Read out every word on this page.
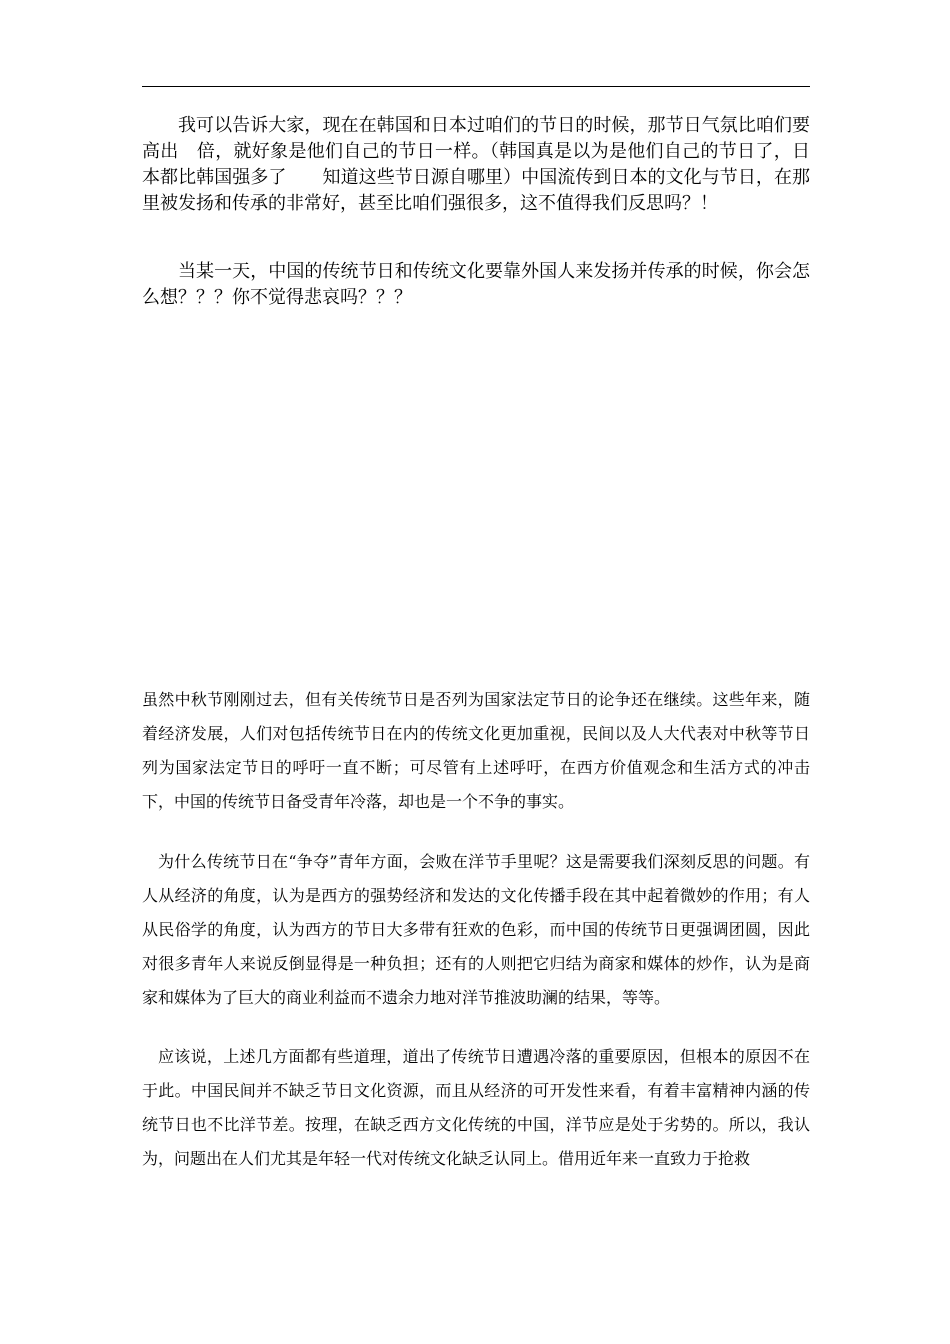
我可以告诉大家，现在在韩国和日本过咱们的节日的时候，那节日气氛比咱们要高出　倍，就好象是他们自己的节日一样。（韩国真是以为是他们自己的节日了，日本都比韩国强多了　　知道这些节日源自哪里）中国流传到日本的文化与节日，在那里被发扬和传承的非常好，甚至比咱们强很多，这不值得我们反思吗？！

当某一天，中国的传统节日和传统文化要靠外国人来发扬并传承的时候，你会怎么想？？？你不觉得悲哀吗？？？

虽然中秋节刚刚过去，但有关传统节日是否列为国家法定节日的论争还在继续。这些年来，随着经济发展，人们对包括传统节日在内的传统文化更加重视，民间以及人大代表对中秋等节日列为国家法定节日的呼吁一直不断；可尽管有上述呼吁，在西方价值观念和生活方式的冲击下，中国的传统节日备受青年冷落，却也是一个不争的事实。

为什么传统节日在“争夺”青年方面，会败在洋节手里呢？这是需要我们深刻反思的问题。有人从经济的角度，认为是西方的强势经济和发达的文化传播手段在其中起着微妙的作用；有人从民俗学的角度，认为西方的节日大多带有狂欢的色彩，而中国的传统节日更强调团圆，因此对很多青年人来说反倒显得是一种负担；还有的人则把它归结为商家和媒体的炒作，认为是商家和媒体为了巨大的商业利益而不遗余力地对洋节推波助澜的结果，等等。

应该说，上述几方面都有些道理，道出了传统节日遭遇冷落的重要原因，但根本的原因不在于此。中国民间并不缺乏节日文化资源，而且从经济的可开发性来看，有着丰富精神内涵的传统节日也不比洋节差。按理，在缺乏西方文化传统的中国，洋节应是处于劣势的。所以，我认为，问题出在人们尤其是年轻一代对传统文化缺乏认同上。借用近年来一直致力于抢救
